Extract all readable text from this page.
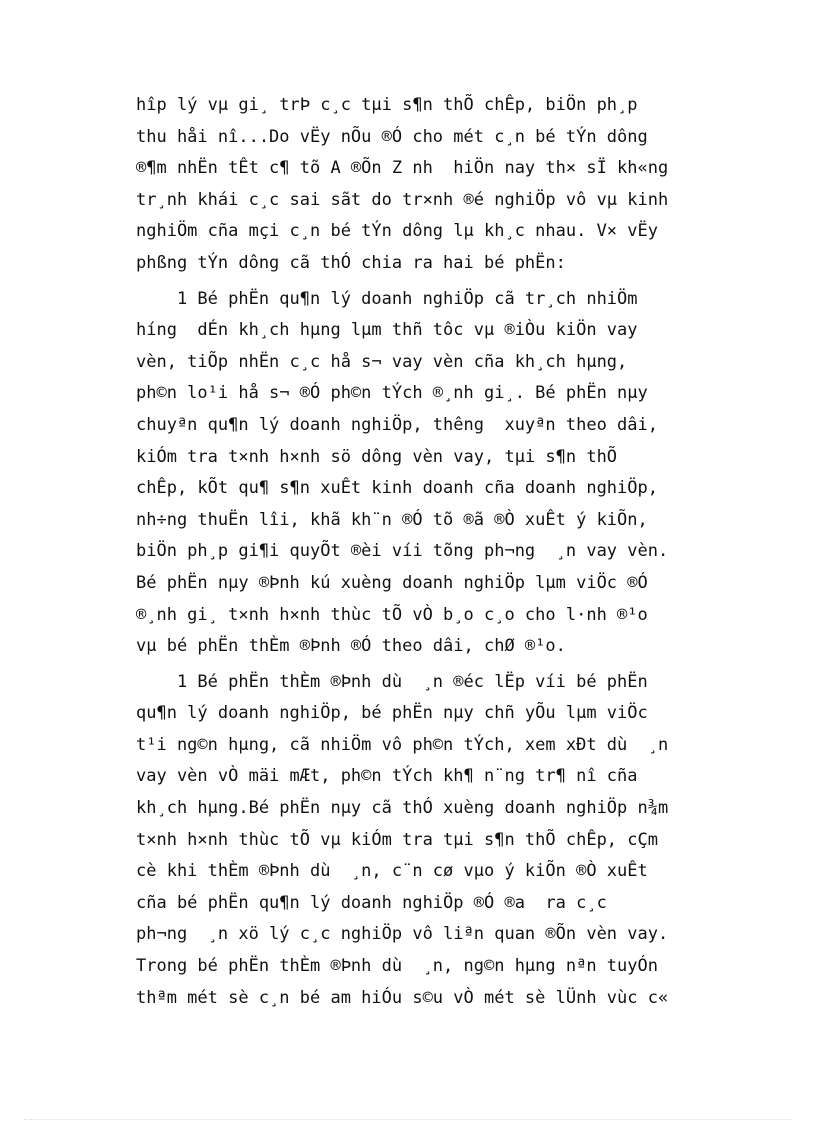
hîp lý vµ gi¸ trÞ c¸c tµi s¶n thÕ chÊp, biÖn ph¸p
thu håi nî...Do vËy nÕu ®Ó cho mét c¸n bé tÝn dông
®¶m nhËn tÊt c¶ tõ A ®Õn Z nh  hiÖn nay th× sÏ kh«ng
tr¸nh khái c¸c sai sãt do tr×nh ®é nghiÖp vô vµ kinh
nghiÖm cña mçi c¸n bé tÝn dông lµ kh¸c nhau. V× vËy
phßng tÝn dông cã thÓ chia ra hai bé phËn:
1 Bé phËn qu¶n lý doanh nghiÖp cã tr¸ch nhiÖm
híng  dÉn kh¸ch hµng lµm thñ tôc vµ ®iÒu kiÖn vay
vèn, tiÕp nhËn c¸c hå s¬ vay vèn cña kh¸ch hµng,
ph©n lo¹i hå s¬ ®Ó ph©n tÝch ®¸nh gi¸. Bé phËn nµy
chuyªn qu¶n lý doanh nghiÖp, thêng  xuyªn theo dâi,
kiÓm tra t×nh h×nh sö dông vèn vay, tµi s¶n thÕ
chÊp, kÕt qu¶ s¶n xuÊt kinh doanh cña doanh nghiÖp,
nh÷ng thuËn lîi, khã kh¨n ®Ó tõ ®ã ®Ò xuÊt ý kiÕn,
biÖn ph¸p gi¶i quyÕt ®èi víi tõng ph¬ng  ¸n vay vèn.
Bé phËn nµy ®Þnh kú xuèng doanh nghiÖp lµm viÖc ®Ó
®¸nh gi¸ t×nh h×nh thùc tÕ vÒ b¸o c¸o cho l·nh ®¹o
vµ bé phËn thÈm ®Þnh ®Ó theo dâi, chØ ®¹o.
1 Bé phËn thÈm ®Þnh dù  ¸n ®éc lËp víi bé phËn
qu¶n lý doanh nghiÖp, bé phËn nµy chñ yÕu lµm viÖc
t¹i ng©n hµng, cã nhiÖm vô ph©n tÝch, xem xÐt dù  ¸n
vay vèn vÒ mäi mÆt, ph©n tÝch kh¶ n¨ng tr¶ nî cña
kh¸ch hµng.Bé phËn nµy cã thÓ xuèng doanh nghiÖp n¾m
t×nh h×nh thùc tÕ vµ kiÓm tra tµi s¶n thÕ chÊp, cÇm
cè khi thÈm ®Þnh dù  ¸n, c¨n cø vµo ý kiÕn ®Ò xuÊt
cña bé phËn qu¶n lý doanh nghiÖp ®Ó ®a  ra c¸c
ph¬ng  ¸n xö lý c¸c nghiÖp vô liªn quan ®Õn vèn vay.
Trong bé phËn thÈm ®Þnh dù  ¸n, ng©n hµng nªn tuyÓn
thªm mét sè c¸n bé am hiÓu s©u vÒ mét sè lÜnh vùc c«
